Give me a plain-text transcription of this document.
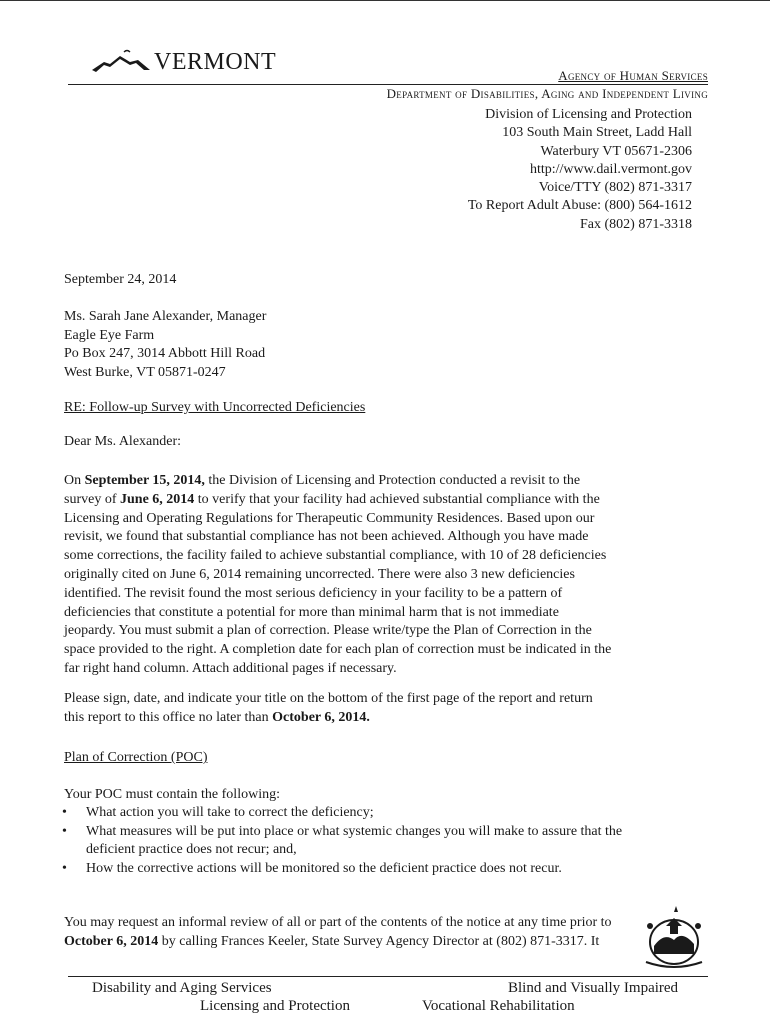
VERMONT
Agency of Human Services
Department of Disabilities, Aging and Independent Living
Division of Licensing and Protection
103 South Main Street, Ladd Hall
Waterbury VT 05671-2306
http://www.dail.vermont.gov
Voice/TTY (802) 871-3317
To Report Adult Abuse: (800) 564-1612
Fax (802) 871-3318
September 24, 2014
Ms. Sarah Jane Alexander, Manager
Eagle Eye Farm
Po Box 247, 3014 Abbott Hill Road
West Burke, VT 05871-0247
RE: Follow-up Survey with Uncorrected Deficiencies
Dear Ms. Alexander:
On September 15, 2014, the Division of Licensing and Protection conducted a revisit to the
survey of June 6, 2014 to verify that your facility had achieved substantial compliance with the
Licensing and Operating Regulations for Therapeutic Community Residences. Based upon our
revisit, we found that substantial compliance has not been achieved. Although you have made
some corrections, the facility failed to achieve substantial compliance, with 10 of 28 deficiencies
originally cited on June 6, 2014 remaining uncorrected. There were also 3 new deficiencies
identified. The revisit found the most serious deficiency in your facility to be a pattern of
deficiencies that constitute a potential for more than minimal harm that is not immediate
jeopardy. You must submit a plan of correction. Please write/type the Plan of Correction in the
space provided to the right. A completion date for each plan of correction must be indicated in the
far right hand column. Attach additional pages if necessary.
Please sign, date, and indicate your title on the bottom of the first page of the report and return
this report to this office no later than October 6, 2014.
Plan of Correction (POC)
Your POC must contain the following:
•	What action you will take to correct the deficiency;
•	What measures will be put into place or what systemic changes you will make to assure that the
deficient practice does not recur; and,
•	How the corrective actions will be monitored so the deficient practice does not recur.
You may request an informal review of all or part of the contents of the notice at any time prior to
October 6, 2014 by calling Frances Keeler, State Survey Agency Director at (802) 871-3317. It
Disability and Aging Services
Licensing and Protection
Blind and Visually Impaired
Vocational Rehabilitation
